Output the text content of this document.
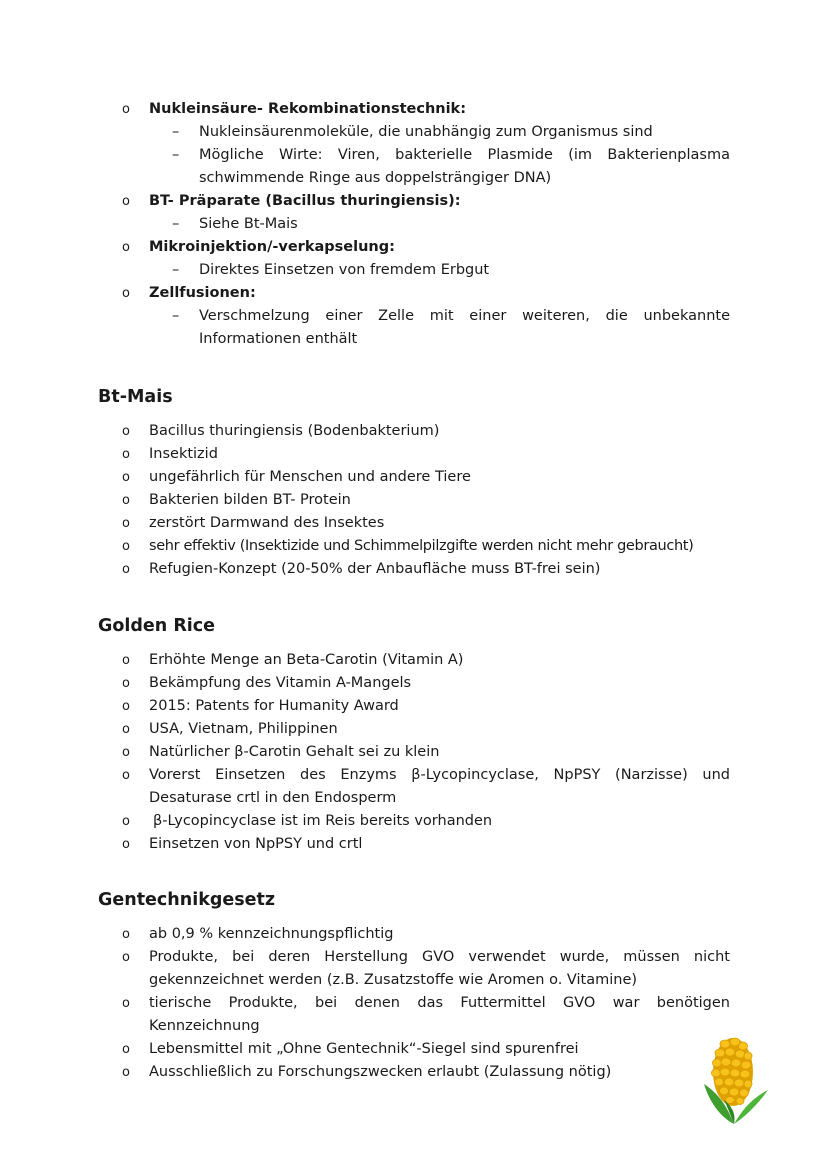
o Nukleinsäure- Rekombinationstechnik:
– Nukleinsäurenmoleküle, die unabhängig zum Organismus sind
– Mögliche Wirte: Viren, bakterielle Plasmide (im Bakterienplasma schwimmende Ringe aus doppelsträngiger DNA)
o BT- Präparate (Bacillus thuringiensis):
– Siehe Bt-Mais
o Mikroinjektion/-verkapselung:
– Direktes Einsetzen von fremdem Erbgut
o Zellfusionen:
– Verschmelzung einer Zelle mit einer weiteren, die unbekannte Informationen enthält
Bt-Mais
o Bacillus thuringiensis (Bodenbakterium)
o Insektizid
o ungefährlich für Menschen und andere Tiere
o Bakterien bilden BT- Protein
o zerstört Darmwand des Insektes
o sehr effektiv (Insektizide und Schimmelpilzgifte werden nicht mehr gebraucht)
o Refugien-Konzept (20-50% der Anbaufläche muss BT-frei sein)
Golden Rice
o Erhöhte Menge an Beta-Carotin (Vitamin A)
o Bekämpfung des Vitamin A-Mangels
o 2015: Patents for Humanity Award
o USA, Vietnam, Philippinen
o Natürlicher β-Carotin Gehalt sei zu klein
o Vorerst Einsetzen des Enzyms β-Lycopincyclase, NpPSY (Narzisse) und Desaturase crtl in den Endosperm
o β-Lycopincyclase ist im Reis bereits vorhanden
o Einsetzen von NpPSY und crtl
Gentechnikgesetz
o ab 0,9 % kennzeichnungspflichtig
o Produkte, bei deren Herstellung GVO verwendet wurde, müssen nicht gekennzeichnet werden (z.B. Zusatzstoffe wie Aromen o. Vitamine)
o tierische Produkte, bei denen das Futtermittel GVO war benötigen Kennzeichnung
o Lebensmittel mit „Ohne Gentechnik“-Siegel sind spurenfrei
o Ausschließlich zu Forschungszwecken erlaubt (Zulassung nötig)
